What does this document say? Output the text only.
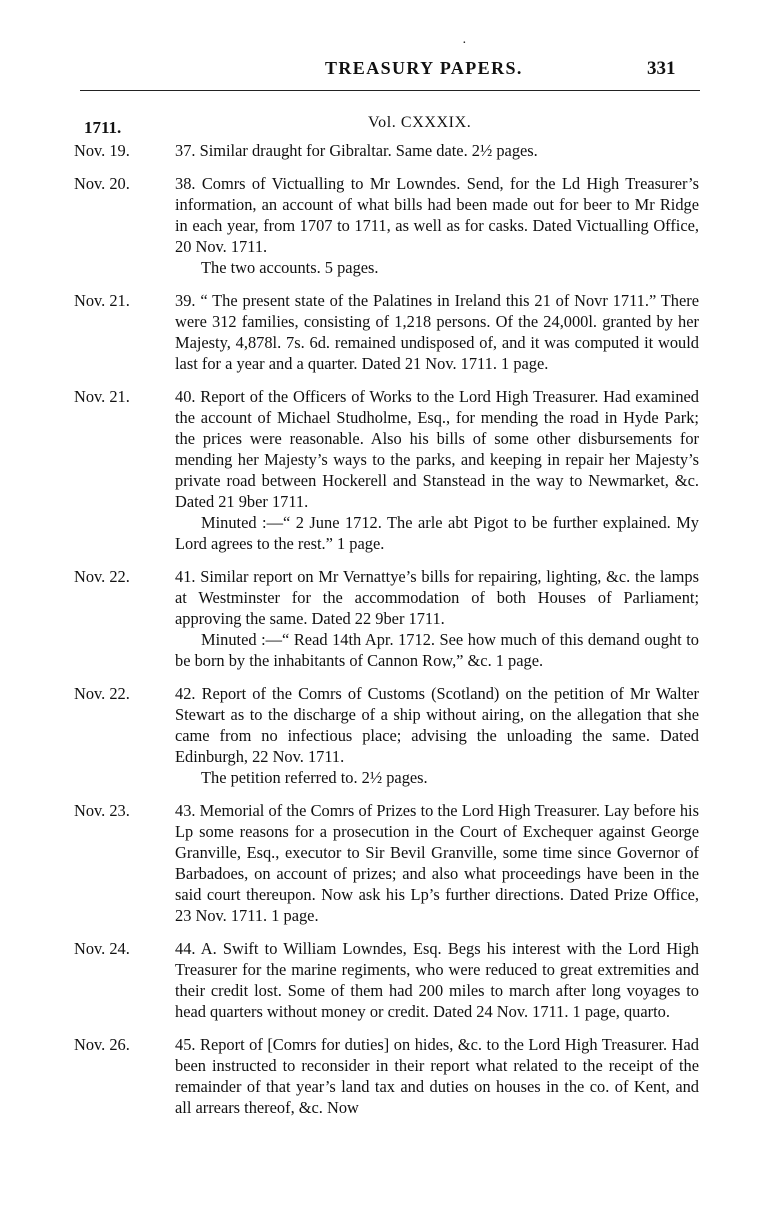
·
TREASURY PAPERS.	331
1711.	Vol. CXXXIX.
Nov. 19.	37. Similar draught for Gibraltar. Same date. 2½ pages.

Nov. 20.	38. Comrs of Victualling to Mr Lowndes. Send, for the Ld High Treasurer’s information, an account of what bills had been made out for beer to Mr Ridge in each year, from 1707 to 1711, as well as for casks. Dated Victualling Office, 20 Nov. 1711.

The two accounts. 5 pages.

Nov. 21.	39. “ The present state of the Palatines in Ireland this 21 of Novr 1711.” There were 312 families, consisting of 1,218 persons. Of the 24,000l. granted by her Majesty, 4,878l. 7s. 6d. remained undisposed of, and it was computed it would last for a year and a quarter. Dated 21 Nov. 1711. 1 page.

Nov. 21.	40. Report of the Officers of Works to the Lord High Treasurer. Had examined the account of Michael Studholme, Esq., for mending the road in Hyde Park; the prices were reasonable. Also his bills of some other disbursements for mending her Majesty’s ways to the parks, and keeping in repair her Majesty’s private road between Hockerell and Stanstead in the way to Newmarket, &c. Dated 21 9ber 1711.

Minuted :—“ 2 June 1712. The arle abt Pigot to be further explained. My Lord agrees to the rest.” 1 page.

Nov. 22.	41. Similar report on Mr Vernattye’s bills for repairing, lighting, &c. the lamps at Westminster for the accommodation of both Houses of Parliament; approving the same. Dated 22 9ber 1711.

Minuted :—“ Read 14th Apr. 1712. See how much of this demand ought to be born by the inhabitants of Cannon Row,” &c. 1 page.

Nov. 22.	42. Report of the Comrs of Customs (Scotland) on the petition of Mr Walter Stewart as to the discharge of a ship without airing, on the allegation that she came from no infectious place; advising the unloading the same. Dated Edinburgh, 22 Nov. 1711.

The petition referred to. 2½ pages.

Nov. 23.	43. Memorial of the Comrs of Prizes to the Lord High Treasurer. Lay before his Lp some reasons for a prosecution in the Court of Exchequer against George Granville, Esq., executor to Sir Bevil Granville, some time since Governor of Barbadoes, on account of prizes; and also what proceedings have been in the said court thereupon. Now ask his Lp’s further directions. Dated Prize Office, 23 Nov. 1711. 1 page.

Nov. 24.	44. A. Swift to William Lowndes, Esq. Begs his interest with the Lord High Treasurer for the marine regiments, who were reduced to great extremities and their credit lost. Some of them had 200 miles to march after long voyages to head quarters without money or credit. Dated 24 Nov. 1711. 1 page, quarto.

Nov. 26.	45. Report of [Comrs for duties] on hides, &c. to the Lord High Treasurer. Had been instructed to reconsider in their report what related to the receipt of the remainder of that year’s land tax and duties on houses in the co. of Kent, and all arrears thereof, &c. Now
